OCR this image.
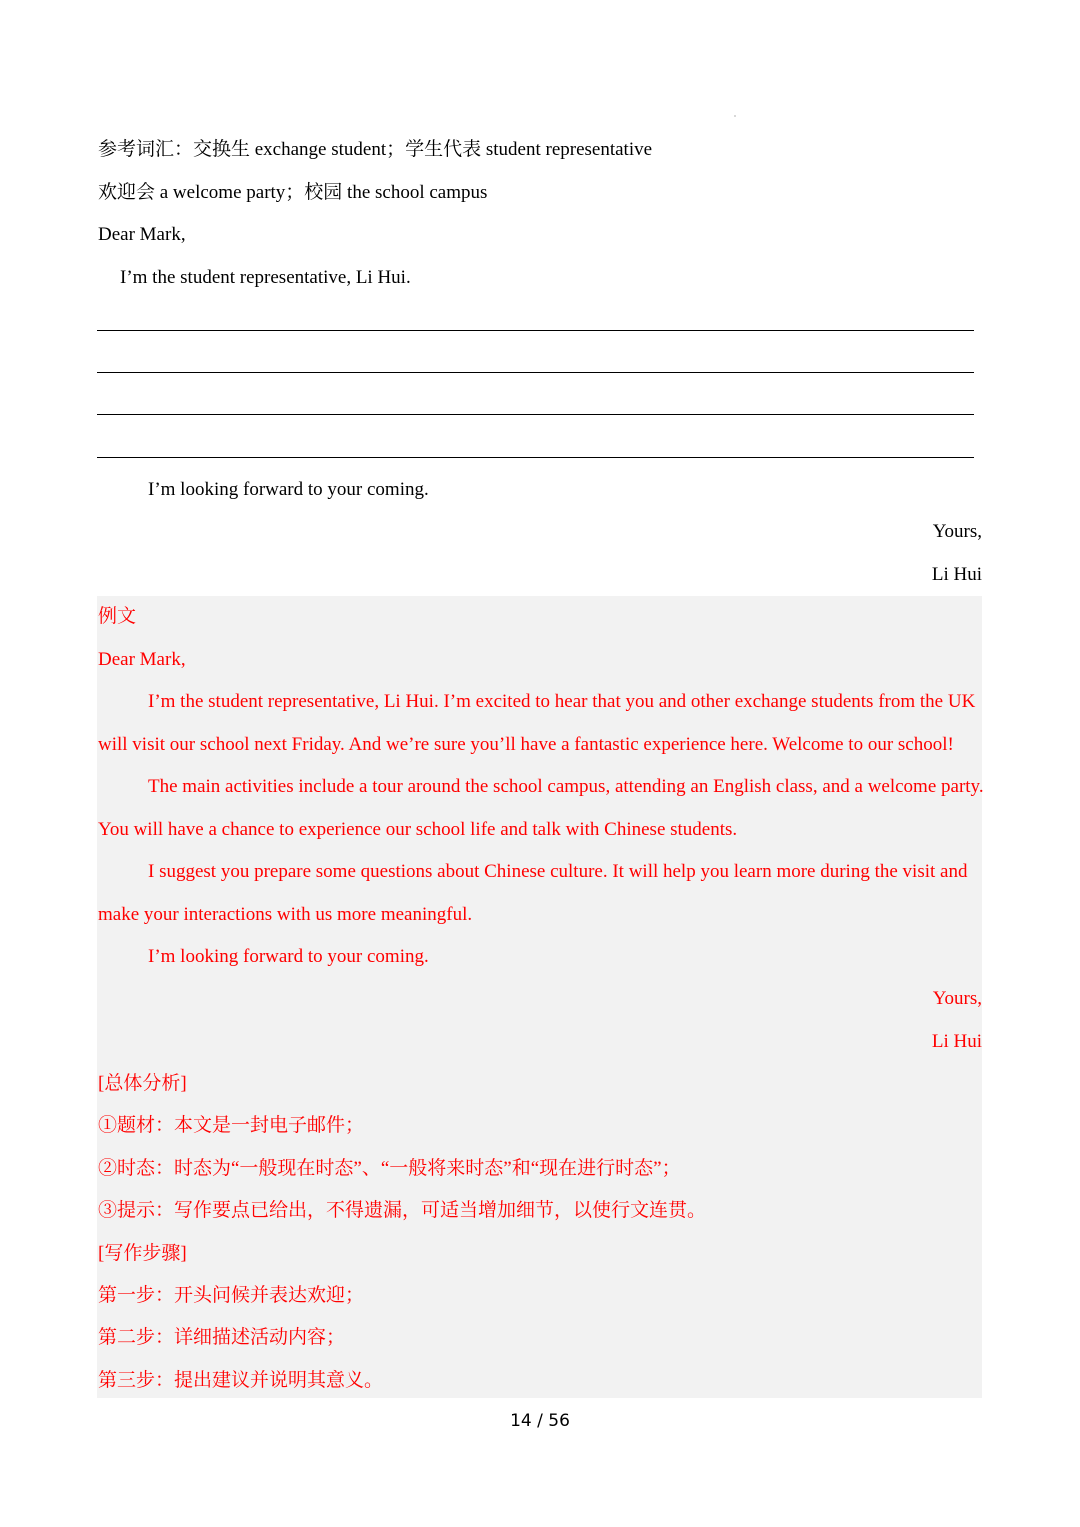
参考词汇：交换生 exchange student；学生代表 student representative

欢迎会 a welcome party；校园 the school campus

Dear Mark,

I’m the student representative, Li Hui.

I’m looking forward to your coming.

Yours,

Li Hui

例文

Dear Mark,

I’m the student representative, Li Hui. I’m excited to hear that you and other exchange students from the UK

will visit our school next Friday. And we’re sure you’ll have a fantastic experience here. Welcome to our school!

The main activities include a tour around the school campus, attending an English class, and a welcome party.

You will have a chance to experience our school life and talk with Chinese students.

I suggest you prepare some questions about Chinese culture. It will help you learn more during the visit and

make your interactions with us more meaningful.

I’m looking forward to your coming.

Yours,

Li Hui

[总体分析]

①题材：本文是一封电子邮件；

②时态：时态为“一般现在时态”、“一般将来时态”和“现在进行时态”；

③提示：写作要点已给出，不得遗漏，可适当增加细节，以使行文连贯。

[写作步骤]

第一步：开头问候并表达欢迎；

第二步：详细描述活动内容；

第三步：提出建议并说明其意义。

14 / 56
